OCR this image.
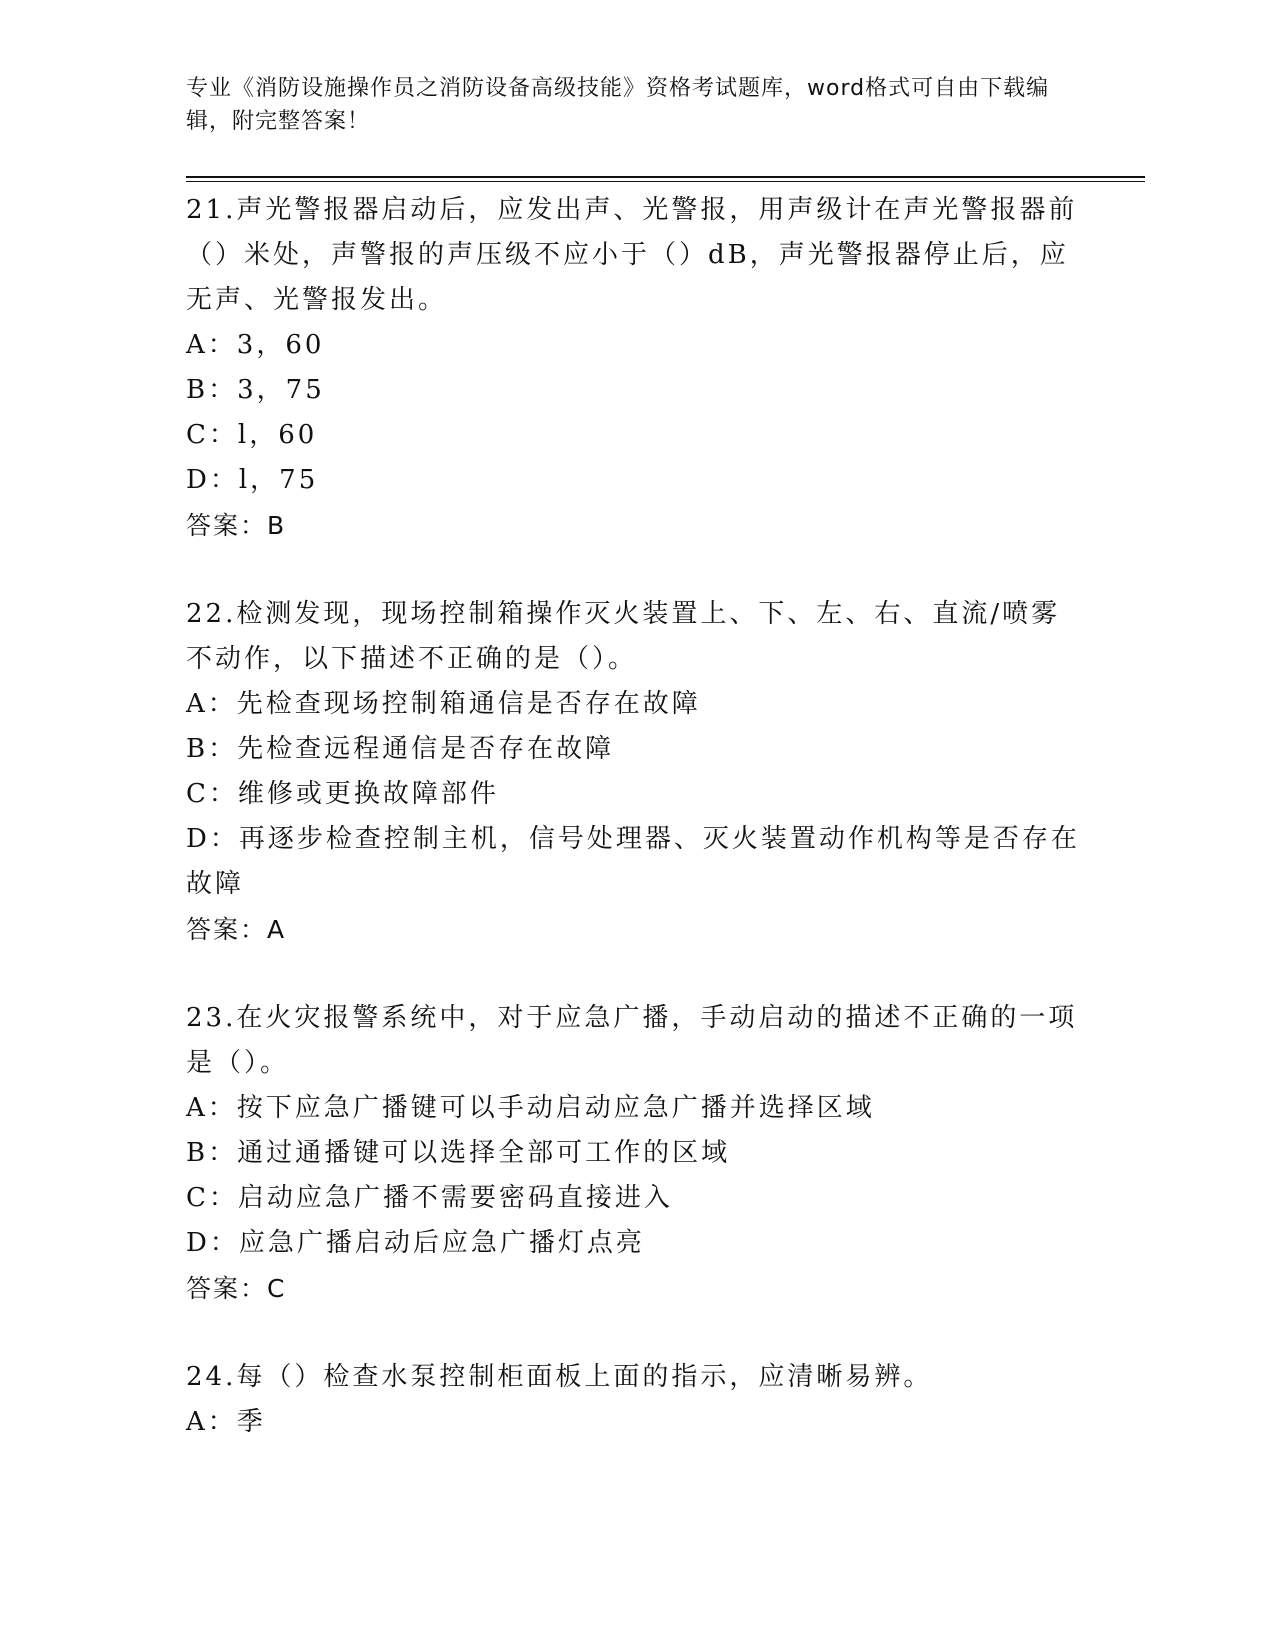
专业《消防设施操作员之消防设备高级技能》资格考试题库，word格式可自由下载编辑，附完整答案！
21.声光警报器启动后，应发出声、光警报，用声级计在声光警报器前（）米处，声警报的声压级不应小于（）dB，声光警报器停止后，应无声、光警报发出。
A：3，60
B：3，75
C：l，60
D：l，75
答案：B
22.检测发现，现场控制箱操作灭火装置上、下、左、右、直流/喷雾不动作，以下描述不正确的是（）。
A：先检查现场控制箱通信是否存在故障
B：先检查远程通信是否存在故障
C：维修或更换故障部件
D：再逐步检查控制主机，信号处理器、灭火装置动作机构等是否存在故障
答案：A
23.在火灾报警系统中，对于应急广播，手动启动的描述不正确的一项是（）。
A：按下应急广播键可以手动启动应急广播并选择区域
B：通过通播键可以选择全部可工作的区域
C：启动应急广播不需要密码直接进入
D：应急广播启动后应急广播灯点亮
答案：C
24.每（）检查水泵控制柜面板上面的指示，应清晰易辨。
A：季
